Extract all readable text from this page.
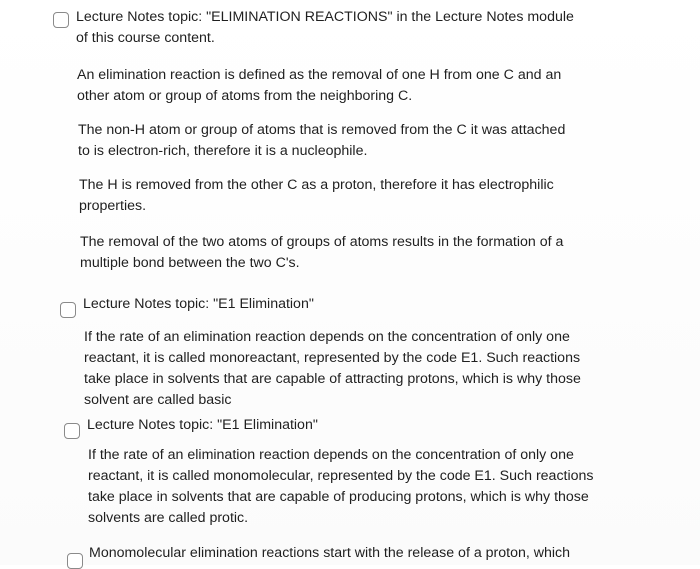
Lecture Notes topic: "ELIMINATION REACTIONS" in the Lecture Notes module
of this course content.
An elimination reaction is defined as the removal of one H from one C and an
other atom or group of atoms from the neighboring C.
The non-H atom or group of atoms that is removed from the C it was attached
to is electron-rich, therefore it is a nucleophile.
The H is removed from the other C as a proton, therefore it has electrophilic
properties.
The removal of the two atoms of groups of atoms results in the formation of a
multiple bond between the two C's.
Lecture Notes topic: "E1 Elimination"
If the rate of an elimination reaction depends on the concentration of only one
reactant, it is called monoreactant, represented by the code E1. Such reactions
take place in solvents that are capable of attracting protons, which is why those
solvent are called basic
Lecture Notes topic: "E1 Elimination"
If the rate of an elimination reaction depends on the concentration of only one
reactant, it is called monomolecular, represented by the code E1. Such reactions
take place in solvents that are capable of producing protons, which is why those
solvents are called protic.
Monomolecular elimination reactions start with the release of a proton, which
